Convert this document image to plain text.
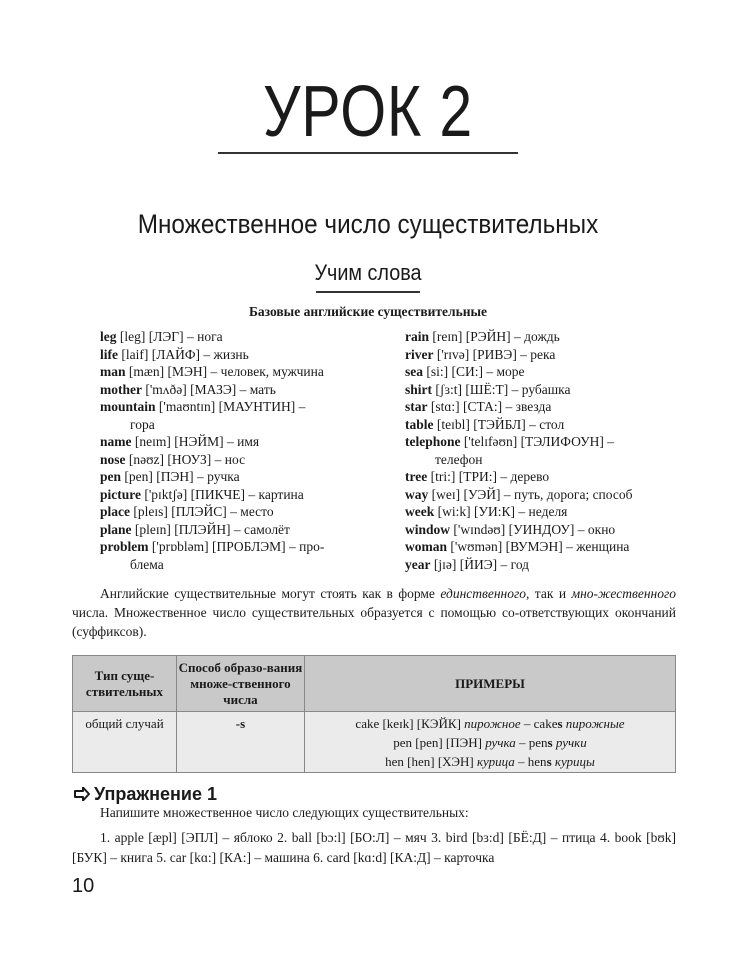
УРОК 2
Множественное число существительных
Учим слова
Базовые английские существительные
leg [leg] [ЛЭГ] – нога
life [laif] [ЛАЙФ] – жизнь
man [mæn] [МЭН] – человек, мужчина
mother ['mʌðə] [МАЗЭ] – мать
mountain ['maʊntɪn] [МАУНТИН] –
гора
name [neɪm] [НЭЙМ] – имя
nose [nəʊz] [НОУЗ] – нос
pen [pen] [ПЭН] – ручка
picture ['pɪktʃə] [ПИКЧЕ] – картина
place [pleɪs] [ПЛЭЙС] – место
plane [pleɪn] [ПЛЭЙН] – самолёт
problem ['prɒbləm] [ПРОБЛЭМ] – про-
блема
rain [reɪn] [РЭЙН] – дождь
river ['rɪvə] [РИВЭ] – река
sea [si:] [СИ:] – море
shirt [ʃɜ:t] [ШЁ:Т] – рубашка
star [stɑ:] [СТА:] – звезда
table [teɪbl] [ТЭЙБЛ] – стол
telephone ['telɪfəʊn] [ТЭЛИФОУН] –
телефон
tree [tri:] [ТРИ:] – дерево
way [weɪ] [УЭЙ] – путь, дорога; способ
week [wi:k] [УИ:К] – неделя
window ['wɪndəʊ] [УИНДОУ] – окно
woman ['wʊmən] [ВУМЭН] – женщина
year [jɪə] [ЙИЭ] – год
Английские существительные могут стоять как в форме единственного, так и мно-жественного числа. Множественное число существительных образуется с помощью со-ответствующих окончаний (суффиксов).
Тип суще-ствительных	Способ образо-вания множе-ственного числа	ПРИМЕРЫ
общий случай	-s	cake [keɪk] [КЭЙК] пирожное – cakes пирожные
pen [pen] [ПЭН] ручка – pens ручки
hen [hen] [ХЭН] курица – hens курицы
Упражнение 1
Напишите множественное число следующих существительных:
1. apple [æpl] [ЭПЛ] – яблоко 2. ball [bɔ:l] [БО:Л] – мяч 3. bird [bɜ:d] [БЁ:Д] – птица 4. book [bʊk] [БУК] – книга 5. car [kɑ:] [КА:] – машина 6. card [kɑ:d] [КА:Д] – карточка
10
